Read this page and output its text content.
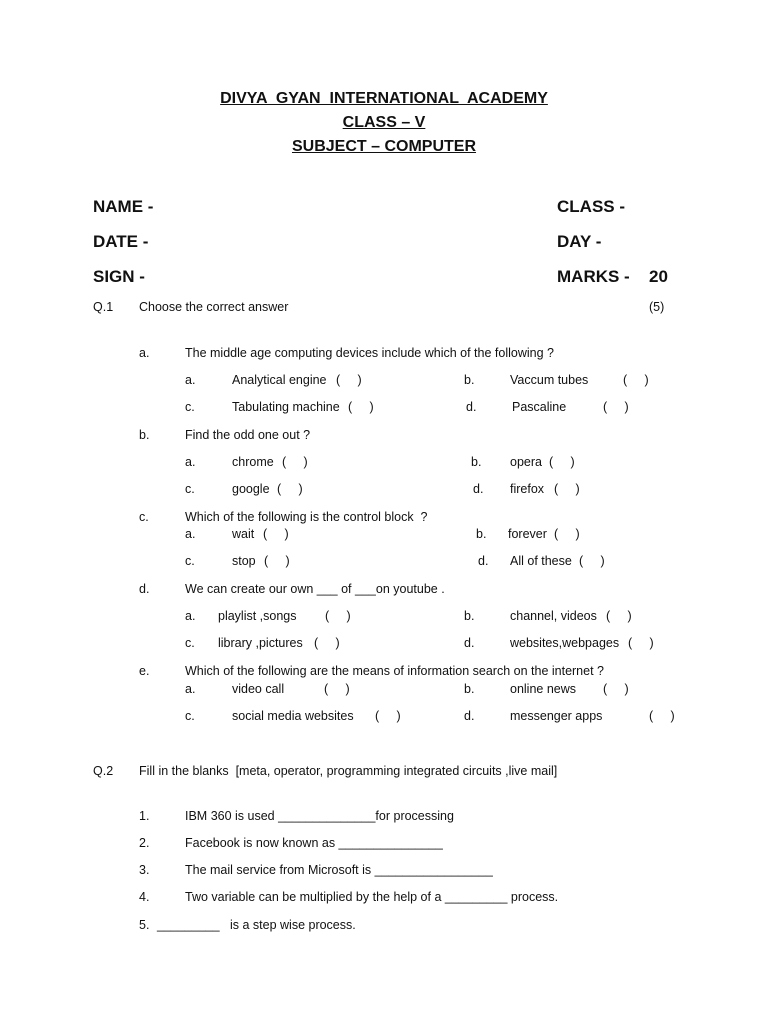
DIVYA  GYAN  INTERNATIONAL  ACADEMY
CLASS – V
SUBJECT – COMPUTER
NAME -	CLASS -
DATE -	DAY -
SIGN -	MARKS - 20
Q.1 Choose the correct answer	(5)
a.	The middle age computing devices include which of the following ?
a.	Analytical engine (     )	b.	Vaccum tubes	(     )
c.	Tabulating machine (     )	d.	Pascaline	(     )
b.	Find the odd one out ?
a.	chrome (     )	b. opera (     )
c.	google (     )	d. firefox (     )
c.	Which of the following is the control block  ?
a.	wait (     )	b. forever (     )
c.	stop (     )	d. All of these (     )
d.	We can create our own ___ of ___on youtube .
a. playlist ,songs (     )	b.	channel, videos (     )
c. library ,pictures (     )	d.	websites,webpages (     )
e.	Which of the following are the means of information search on the internet ?
a.	video call	(     )	b.	online news (     )
c.	social media websites (     )	d.	messenger apps	(     )
Q.2 Fill in the blanks  [meta, operator, programming integrated circuits ,live mail]
1.	IBM 360 is used ______________for processing
2.	Facebook is now known as _______________
3.	The mail service from Microsoft is _________________
4.	Two variable can be multiplied by the help of a _________ process.
5. _________   is a step wise process.
